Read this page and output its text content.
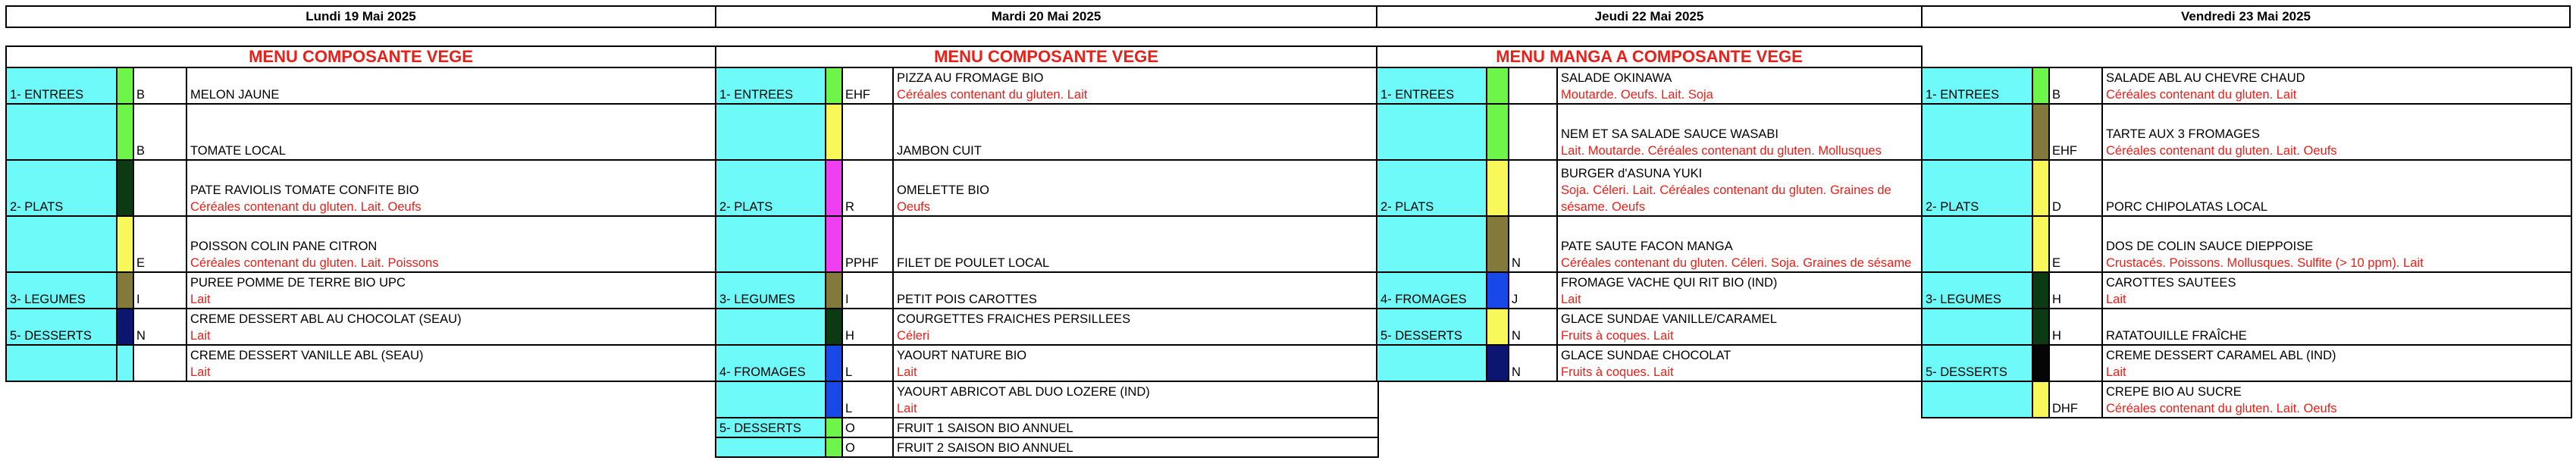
Lundi 19 Mai 2025	Mardi 20 Mai 2025	Jeudi 22 Mai 2025	Vendredi 23 Mai 2025
MENU COMPOSANTE VEGE	MENU COMPOSANTE VEGE	MENU MANGA A COMPOSANTE VEGE
1- ENTREES		B	MELON JAUNE

		B	TOMATE LOCAL

2- PLATS			PATE RAVIOLIS TOMATE CONFITE BIO
Céréales contenant du gluten. Lait. Oeufs

		E	POISSON COLIN PANE CITRON
Céréales contenant du gluten. Lait. Poissons

3- LEGUMES		I	PUREE POMME DE TERRE BIO UPC
Lait

5- DESSERTS		N	CREME DESSERT ABL AU CHOCOLAT (SEAU)
Lait

			CREME DESSERT VANILLE ABL (SEAU)
Lait
1- ENTREES		EHF	PIZZA AU FROMAGE BIO
Céréales contenant du gluten. Lait

			JAMBON CUIT

2- PLATS		R	OMELETTE BIO
Oeufs

		PPHF	FILET DE POULET LOCAL

3- LEGUMES		I	PETIT POIS CAROTTES

		H	COURGETTES FRAICHES PERSILLEES
Céleri

4- FROMAGES		L	YAOURT NATURE BIO
Lait

		L	YAOURT ABRICOT ABL DUO LOZERE (IND)
Lait

5- DESSERTS		O	FRUIT 1 SAISON BIO ANNUEL

		O	FRUIT 2 SAISON BIO ANNUEL
1- ENTREES			SALADE OKINAWA
Moutarde. Oeufs. Lait. Soja

			NEM ET SA SALADE SAUCE WASABI
Lait. Moutarde. Céréales contenant du gluten. Mollusques

2- PLATS			BURGER d'ASUNA YUKI
Soja. Céleri. Lait. Céréales contenant du gluten. Graines de sésame. Oeufs

		N	PATE SAUTE FACON MANGA
Céréales contenant du gluten. Céleri. Soja. Graines de sésame

4- FROMAGES		J	FROMAGE VACHE QUI RIT BIO (IND)
Lait

5- DESSERTS		N	GLACE SUNDAE VANILLE/CARAMEL
Fruits à coques. Lait

		N	GLACE SUNDAE CHOCOLAT
Fruits à coques. Lait
1- ENTREES		B	SALADE ABL AU CHEVRE CHAUD
Céréales contenant du gluten. Lait

		EHF	TARTE AUX 3 FROMAGES
Céréales contenant du gluten. Lait. Oeufs

2- PLATS		D	PORC CHIPOLATAS LOCAL

		E	DOS DE COLIN SAUCE DIEPPOISE
Crustacés. Poissons. Mollusques. Sulfite (> 10 ppm). Lait

3- LEGUMES		H	CAROTTES SAUTEES
Lait

		H	RATATOUILLE FRAÎCHE

5- DESSERTS			CREME DESSERT CARAMEL ABL (IND)
Lait

		DHF	CREPE BIO AU SUCRE
Céréales contenant du gluten. Lait. Oeufs
